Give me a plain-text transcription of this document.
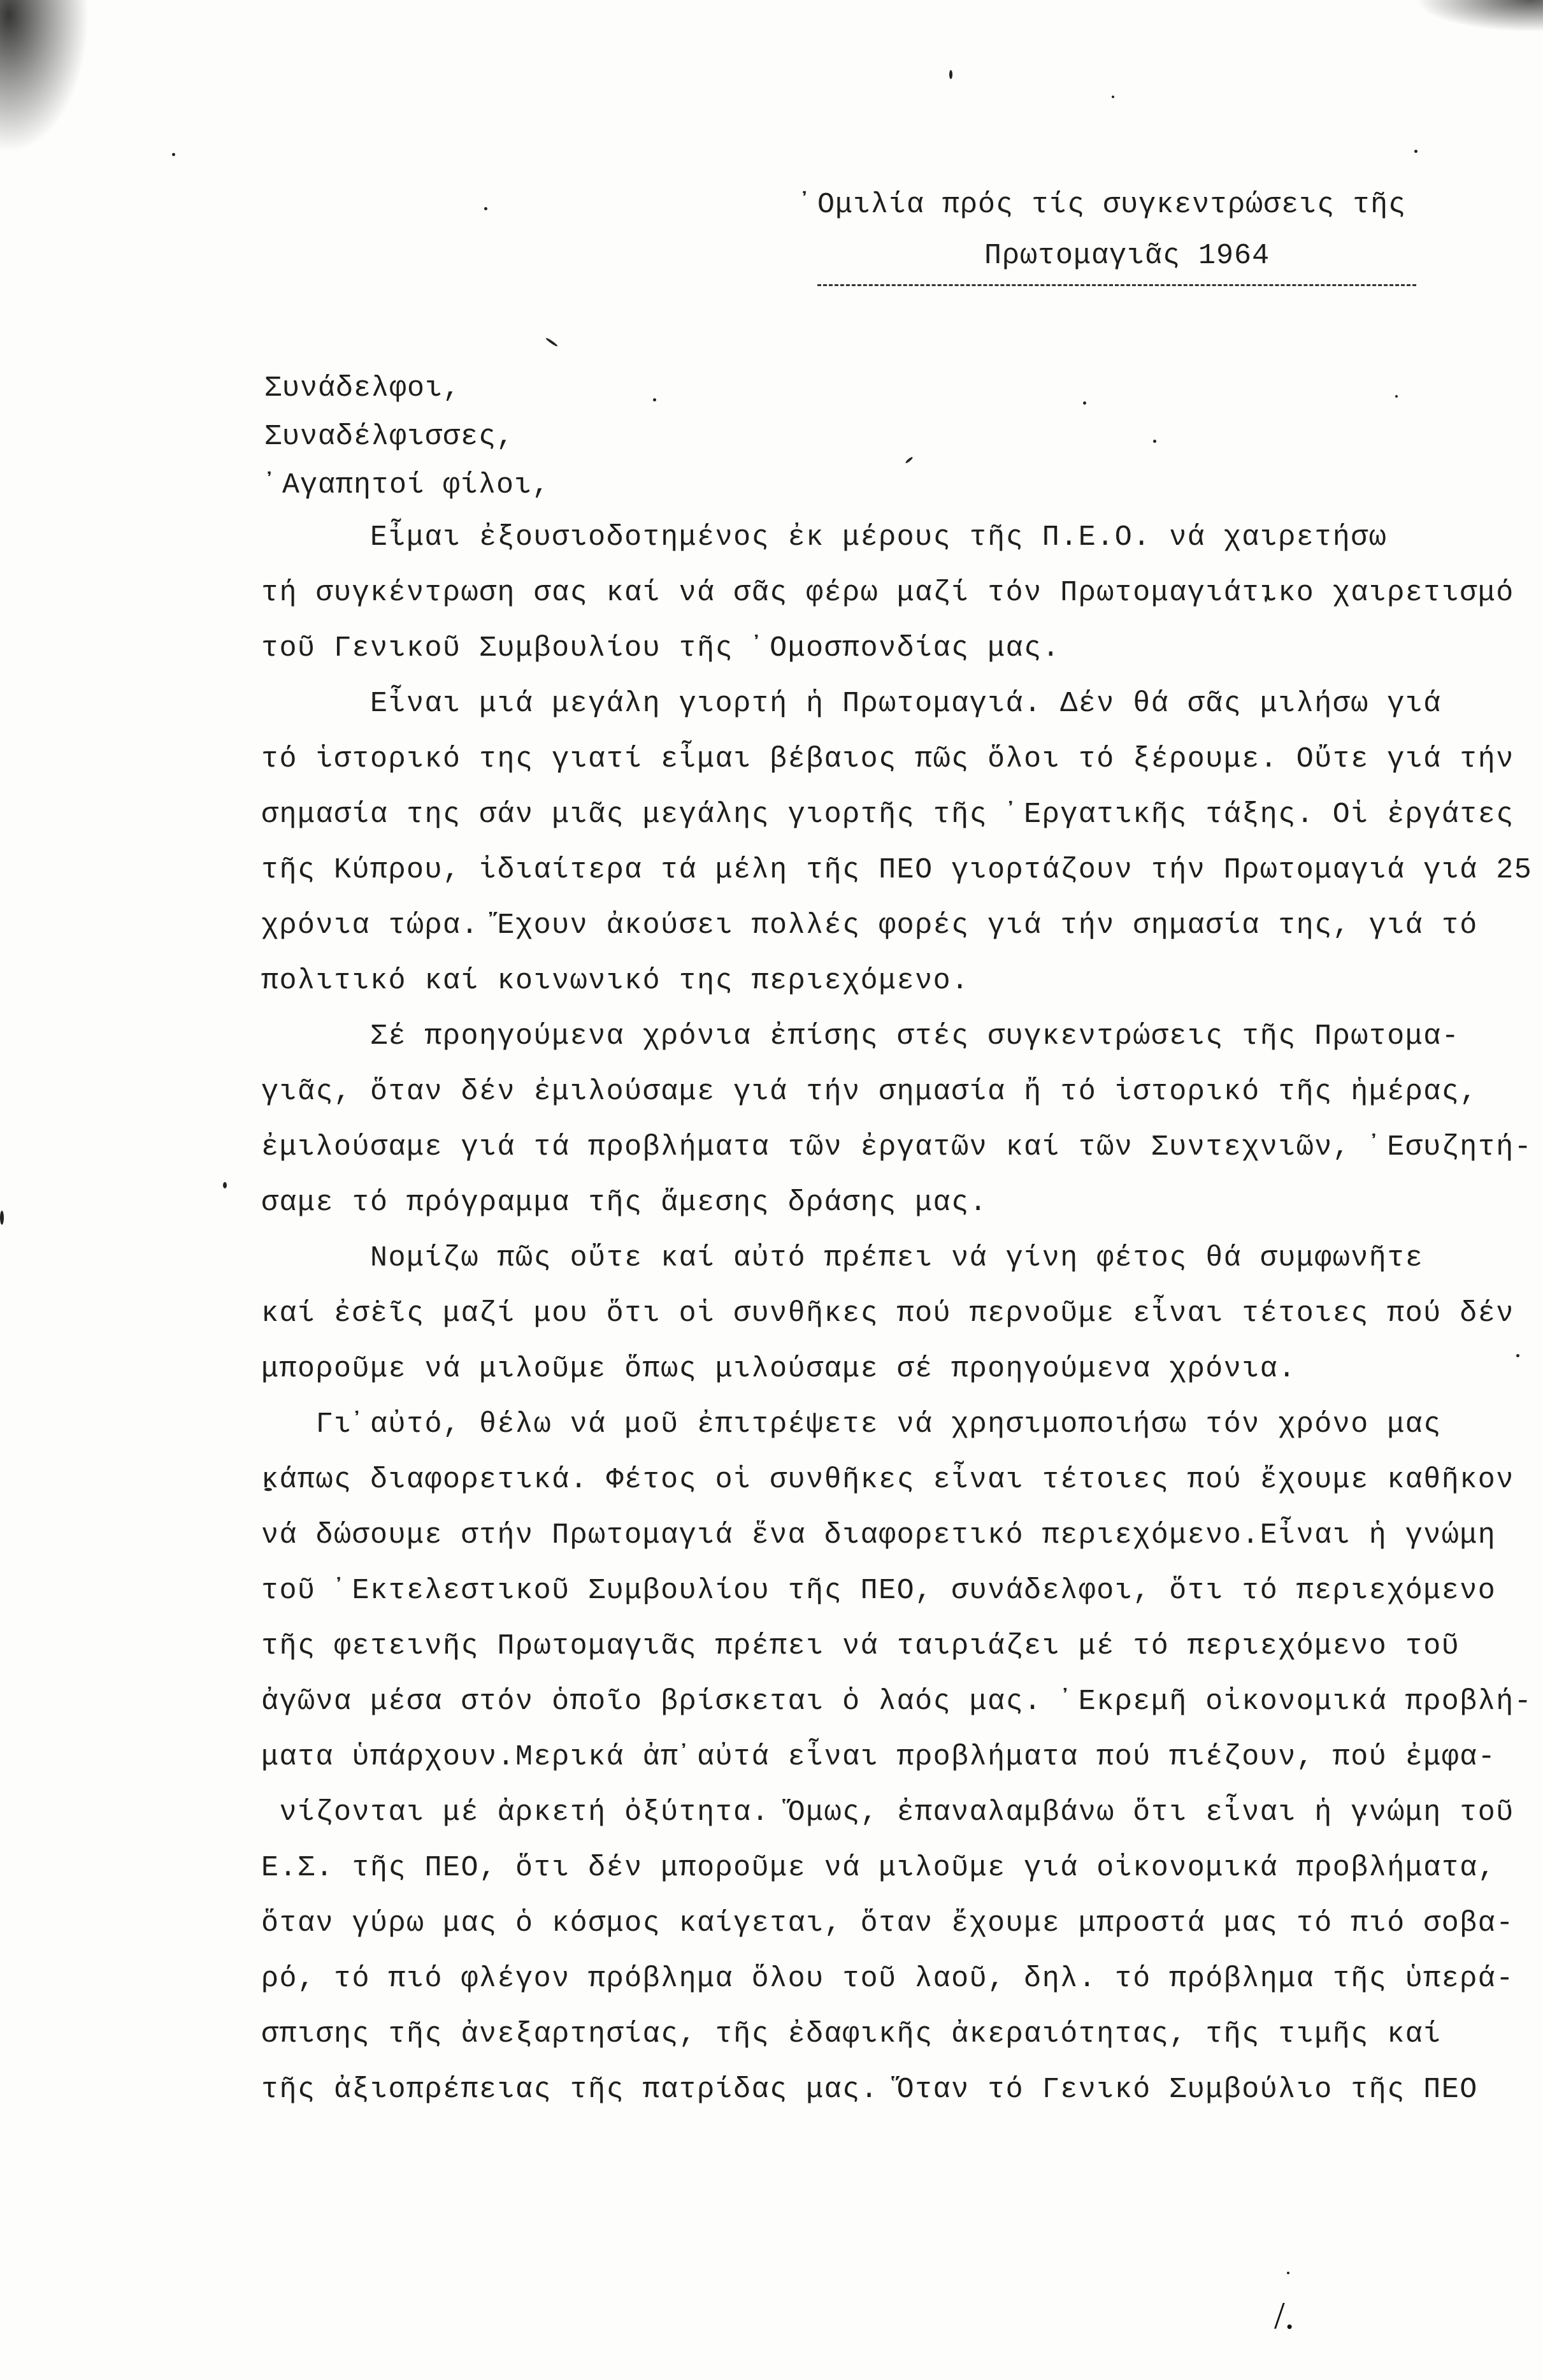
᾿Ομιλία πρός τίς συγκεντρώσεις τῆς
Πρωτομαγιᾶς 1964
Συνάδελφοι,
Συναδέλφισσες,
᾿Αγαπητοί φίλοι,
Εἶμαι ἐξουσιοδοτημένος ἐκ μέρους τῆς Π.Ε.Ο. νά χαιρετήσω
τή συγκέντρωση σας καί νά σᾶς φέρω μαζί τόν Πρωτομαγιάτικο χαιρετισμό
τοῦ Γενικοῦ Συμβουλίου τῆς ᾿Ομοσπονδίας μας.
Εἶναι μιά μεγάλη γιορτή ἡ Πρωτομαγιά. Δέν θά σᾶς μιλήσω γιά
τό ἱστορικό της γιατί εἶμαι βέβαιος πῶς ὅλοι τό ξέρουμε. Οὔτε γιά τήν
σημασία της σάν μιᾶς μεγάλης γιορτῆς τῆς ᾿Εργατικῆς τάξης. Οἱ ἐργάτες
τῆς Κύπρου, ἰδιαίτερα τά μέλη τῆς ΠΕΟ γιορτάζουν τήν Πρωτομαγιά γιά 25
χρόνια τώρα. Ἔχουν ἀκούσει πολλές φορές γιά τήν σημασία της, γιά τό
πολιτικό καί κοινωνικό της περιεχόμενο.
Σέ προηγούμενα χρόνια ἐπίσης στές συγκεντρώσεις τῆς Πρωτομα-
γιᾶς, ὅταν δέν ἐμιλούσαμε γιά τήν σημασία ἤ τό ἱστορικό τῆς ἡμέρας,
ἐμιλούσαμε γιά τά προβλήματα τῶν ἐργατῶν καί τῶν Συντεχνιῶν, ᾿Εσυζητή-
σαμε τό πρόγραμμα τῆς ἄμεσης δράσης μας.
Νομίζω πῶς οὔτε καί αὐτό πρέπει νά γίνη φέτος θά συμφωνῆτε
καί ἐσεῖς μαζί μου ὅτι οἱ συνθῆκες πού περνοῦμε εἶναι τέτοιες πού δέν
μποροῦμε νά μιλοῦμε ὅπως μιλούσαμε σέ προηγούμενα χρόνια.
Γι᾿αὐτό, θέλω νά μοῦ ἐπιτρέψετε νά χρησιμοποιήσω τόν χρόνο μας
κάπως διαφορετικά. Φέτος οἱ συνθῆκες εἶναι τέτοιες πού ἔχουμε καθῆκον
νά δώσουμε στήν Πρωτομαγιά ἕνα διαφορετικό περιεχόμενο.Εἶναι ἡ γνώμη
τοῦ ᾿Εκτελεστικοῦ Συμβουλίου τῆς ΠΕΟ, συνάδελφοι, ὅτι τό περιεχόμενο
τῆς φετεινῆς Πρωτομαγιᾶς πρέπει νά ταιριάζει μέ τό περιεχόμενο τοῦ
ἀγῶνα μέσα στόν ὁποῖο βρίσκεται ὁ λαός μας. ᾿Εκρεμῆ οἰκονομικά προβλή-
ματα ὑπάρχουν.Μερικά ἀπ᾿αὐτά εἶναι προβλήματα πού πιέζουν, πού ἐμφα-
νίζονται μέ ἀρκετή ὀξύτητα. Ὅμως, ἐπαναλαμβάνω ὅτι εἶναι ἡ γνώμη τοῦ
Ε.Σ. τῆς ΠΕΟ, ὅτι δέν μποροῦμε νά μιλοῦμε γιά οἰκονομικά προβλήματα,
ὅταν γύρω μας ὁ κόσμος καίγεται, ὅταν ἔχουμε μπροστά μας τό πιό σοβα-
ρό, τό πιό φλέγον πρόβλημα ὅλου τοῦ λαοῦ, δηλ. τό πρόβλημα τῆς ὑπερά-
σπισης τῆς ἀνεξαρτησίας, τῆς ἐδαφικῆς ἀκεραιότητας, τῆς τιμῆς καί
τῆς ἀξιοπρέπειας τῆς πατρίδας μας. Ὅταν τό Γενικό Συμβούλιο τῆς ΠΕΟ
/.
